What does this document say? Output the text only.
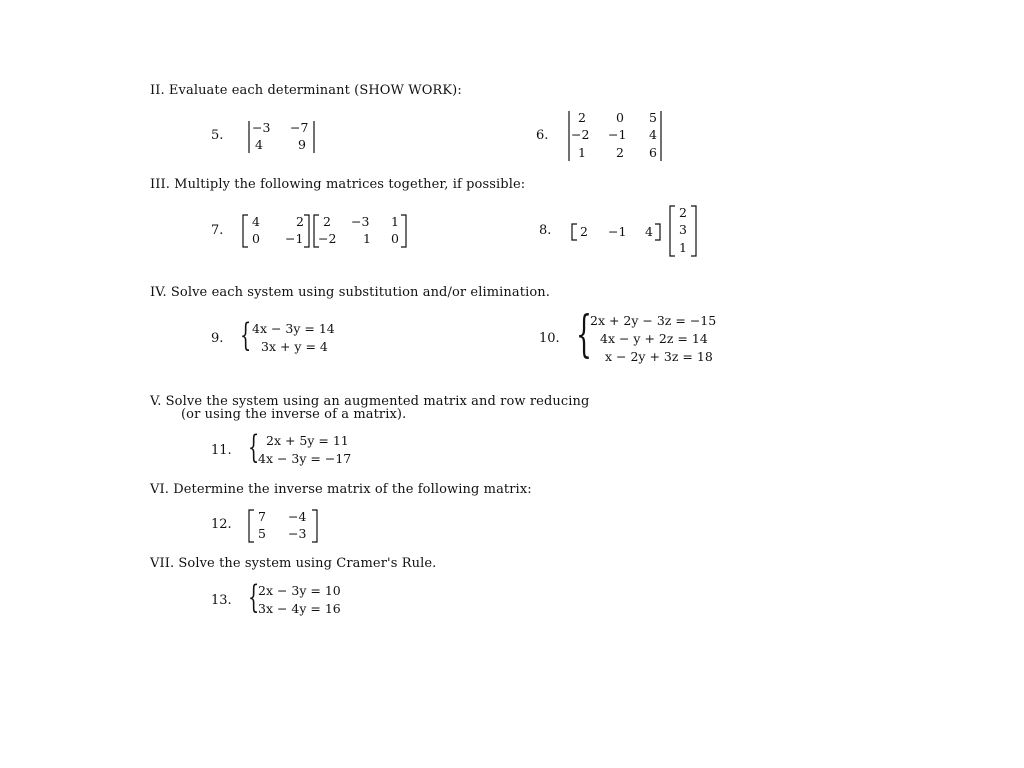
II. Evaluate each determinant (SHOW WORK):
5.
−3 −7
4	9
6.
2 0 5
−2 −1 4
1 2 6
III. Multiply the following matrices together, if possible:
7.
4	2
0 −1
2 −3 1
−2 1 0
8. 2 −1 4
2
3
1
IV. Solve each system using substitution and/or elimination.
9. { 4x − 3y = 14
3x + y = 4
10. {
2x + 2y − 3z = −15
4x − y + 2z = 14
x − 2y + 3z = 18
V. Solve the system using an augmented matrix and row reducing
(or using the inverse of a matrix).
11. { 2x + 5y = 11
4x − 3y = −17
VI. Determine the inverse matrix of the following matrix:
12.
7 −4
5 −3
VII. Solve the system using Cramer's Rule.
13. {
2x − 3y = 10
3x − 4y = 16
